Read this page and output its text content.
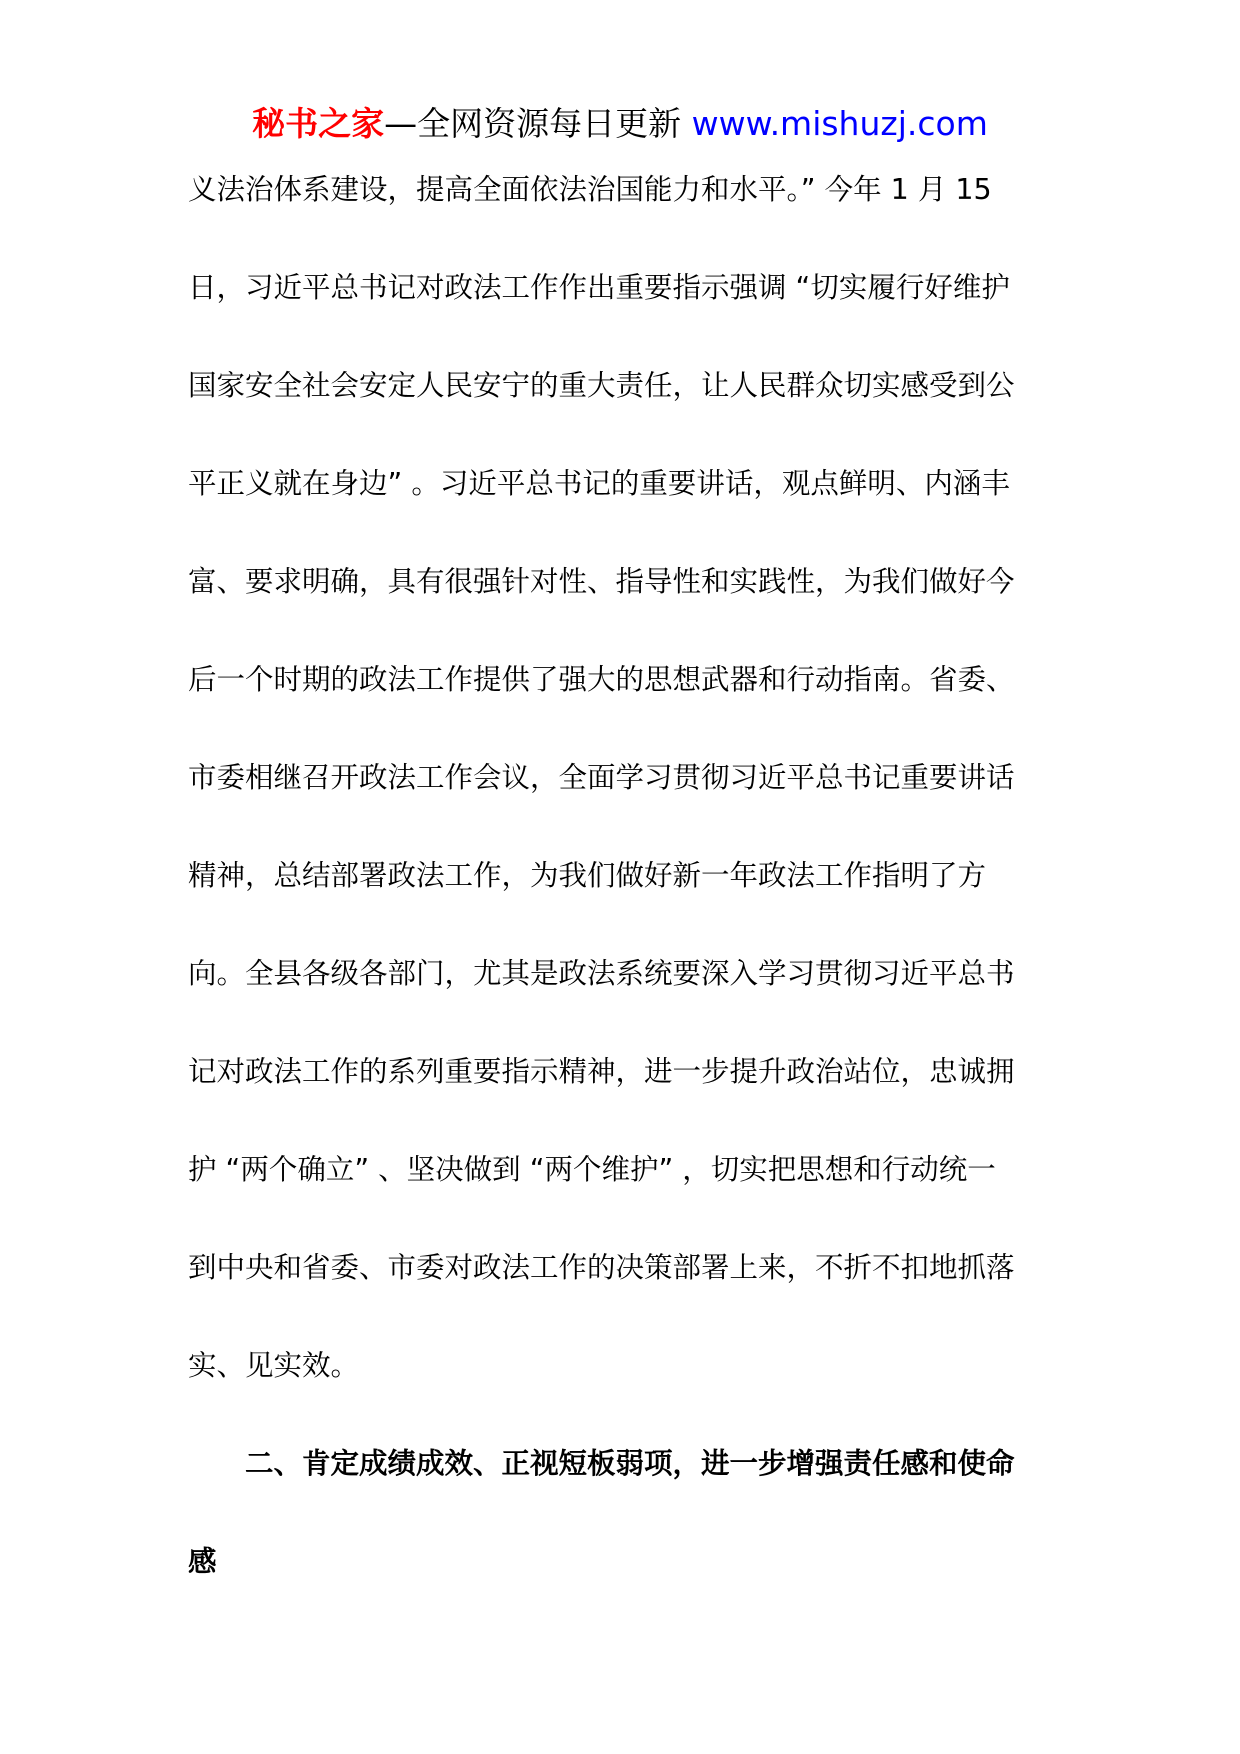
秘书之家—全网资源每日更新 www.mishuzj.com
义法治体系建设，提高全面依法治国能力和水平。” 今年 1 月 15
日，习近平总书记对政法工作作出重要指示强调 “切实履行好维护
国家安全社会安定人民安宁的重大责任，让人民群众切实感受到公
平正义就在身边” 。习近平总书记的重要讲话，观点鲜明、内涵丰
富、要求明确，具有很强针对性、指导性和实践性，为我们做好今
后一个时期的政法工作提供了强大的思想武器和行动指南。省委、
市委相继召开政法工作会议，全面学习贯彻习近平总书记重要讲话
精神，总结部署政法工作，为我们做好新一年政法工作指明了方
向。全县各级各部门，尤其是政法系统要深入学习贯彻习近平总书
记对政法工作的系列重要指示精神，进一步提升政治站位，忠诚拥
护 “两个确立” 、坚决做到 “两个维护” ，切实把思想和行动统一
到中央和省委、市委对政法工作的决策部署上来，不折不扣地抓落
实、见实效。
二、肯定成绩成效、正视短板弱项，进一步增强责任感和使命
感
